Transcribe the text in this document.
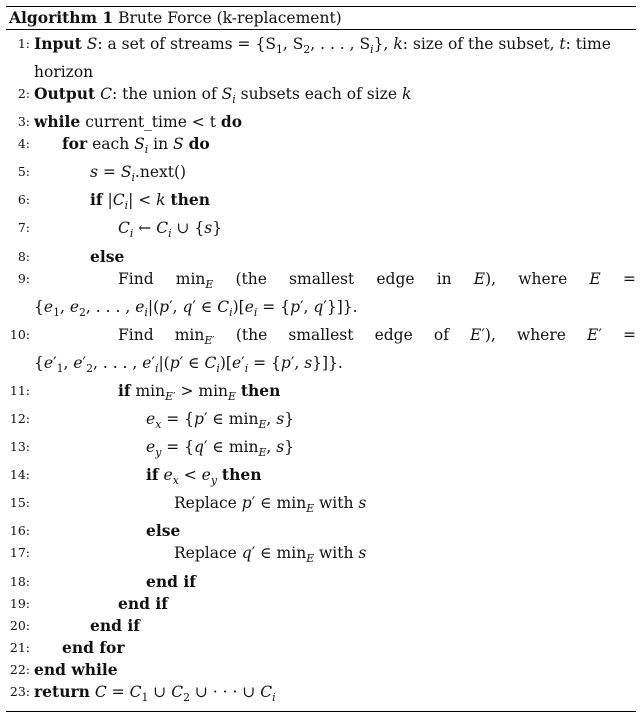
Algorithm 1 Brute Force (k-replacement)
1: Input S: a set of streams = {$S_1$, $S_2$, . . . , $S_i$}, k: size of the subset, t: time
horizon
2: Output C: the union of $S_i$ subsets each of size k
3: while current_time < t do
4:	for each $S_i$ in S do
5:	$s = S_i.next()$
6:	if $|C_i| < k$ then
7:	$C_i$ ← $C_i$ ∪ {s}
8:	else
9:	Find $\min_E (the$ smallest edge in E), where E =
{$e_1$, $e_2$, . . . , $e_i|(p'$, q′ ∈ $C_i)[e_i = \{p'$, q′}]}.
10:	Find $\min_{E'} (the$ smallest edge of E′), where E′ =
{$e'_1$, $e'_2$, . . . , $e'_i|(p'$ ∈ $C_i)[e'_i = \{p'$, s}]}.
11:	if $\min_{E'} > \min_E$ then
12:	$e_x = \{p'$ ∈ $\min_E$, s}
13:	$e_y = \{q'$ ∈ $\min_E$, s}
14:	if $e_x < e_y$ then
15:	Replace p′ ∈ $\min_E$ with s
16:	else
17:	Replace q′ ∈ $\min_E$ with s
18:	end if
19:	end if
20:	end if
21:	end for
22: end while
23: return $C = C_1$ ∪ $C_2$ ∪ · · · ∪ $C_i$
